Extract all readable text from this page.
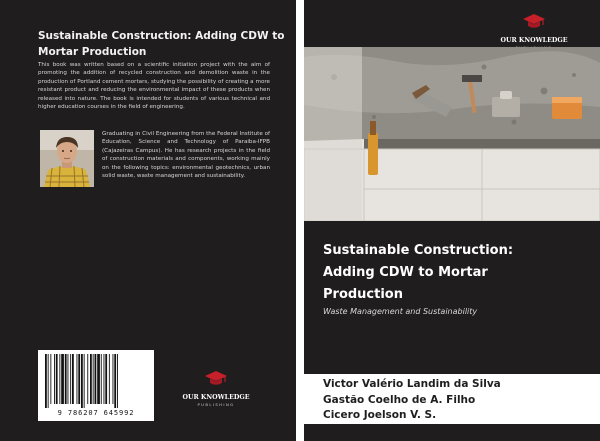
Sustainable Construction: Adding CDW to Mortar Production
This book was written based on a scientific initiation project with the aim of promoting the addition of recycled construction and demolition waste in the production of Portland cement mortars, studying the possibility of creating a more resistant product and reducing the environmental impact of these products when released into nature. The book is intended for students of various technical and higher education courses in the field of engineering.
Graduating in Civil Engineering from the Federal Institute of Education, Science and Technology of Paraiba-IFPB (Cajazeiras Campus). He has research projects in the field of construction materials and components, working mainly on the following topics: environmental geotechnics, urban solid waste, waste management and sustainability.
9 786207 645992
OUR KNOWLEDGE
PUBLISHING
OUR KNOWLEDGE
Sustainable Construction:
Adding CDW to Mortar
Production
Waste Management and Sustainability
Victor Valério Landim da Silva
Gastão Coelho de A. Filho
Cicero Joelson V. S.
